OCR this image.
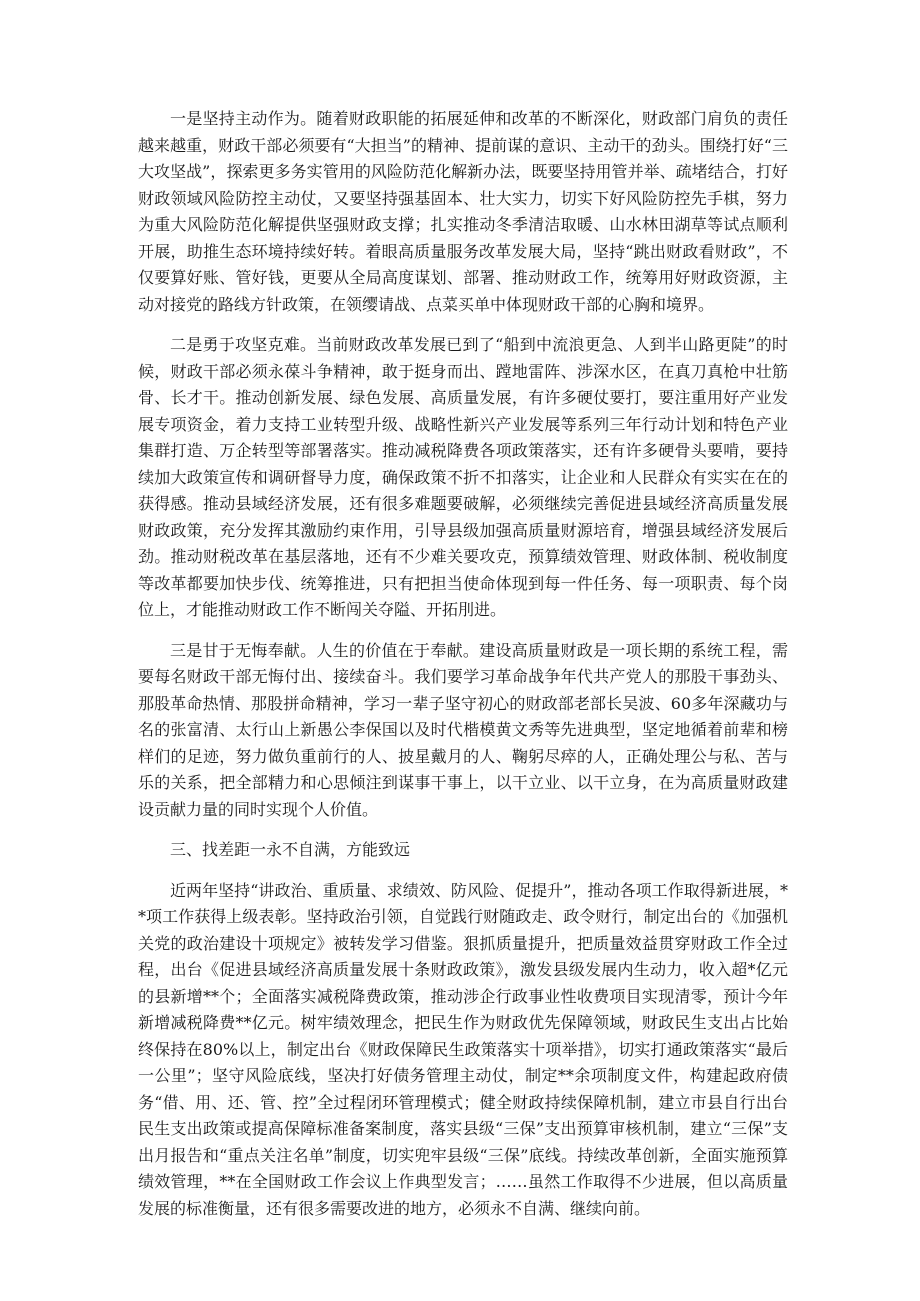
一是坚持主动作为。随着财政职能的拓展延伸和改革的不断深化，财政部门肩负的责任越来越重，财政干部必须要有“大担当”的精神、提前谋的意识、主动干的劲头。围绕打好“三大攻坚战”，探索更多务实管用的风险防范化解新办法，既要坚持用管并举、疏堵结合，打好财政领域风险防控主动仗，又要坚持强基固本、壮大实力，切实下好风险防控先手棋，努力为重大风险防范化解提供坚强财政支撑；扎实推动冬季清洁取暖、山水林田湖草等试点顺利开展，助推生态环境持续好转。着眼高质量服务改革发展大局，坚持“跳出财政看财政”，不仅要算好账、管好钱，更要从全局高度谋划、部署、推动财政工作，统筹用好财政资源，主动对接党的路线方针政策，在领缨请战、点菜买单中体现财政干部的心胸和境界。

二是勇于攻坚克难。当前财政改革发展已到了“船到中流浪更急、人到半山路更陡”的时候，财政干部必须永葆斗争精神，敢于挺身而出、蹚地雷阵、涉深水区，在真刀真枪中壮筋骨、长才干。推动创新发展、绿色发展、高质量发展，有许多硬仗要打，要注重用好产业发展专项资金，着力支持工业转型升级、战略性新兴产业发展等系列三年行动计划和特色产业集群打造、万企转型等部署落实。推动减税降费各项政策落实，还有许多硬骨头要啃，要持续加大政策宣传和调研督导力度，确保政策不折不扣落实，让企业和人民群众有实实在在的获得感。推动县域经济发展，还有很多难题要破解，必须继续完善促进县域经济高质量发展财政政策，充分发挥其激励约束作用，引导县级加强高质量财源培育，增强县域经济发展后劲。推动财税改革在基层落地，还有不少难关要攻克，预算绩效管理、财政体制、税收制度等改革都要加快步伐、统筹推进，只有把担当使命体现到每一件任务、每一项职责、每个岗位上，才能推动财政工作不断闯关夺隘、开拓刖进。

三是甘于无悔奉献。人生的价值在于奉献。建设高质量财政是一项长期的系统工程，需要每名财政干部无悔付出、接续奋斗。我们要学习革命战争年代共产党人的那股干事劲头、那股革命热情、那股拼命精神，学习一辈子坚守初心的财政部老部长吴波、60多年深藏功与名的张富清、太行山上新愚公李保国以及时代楷模黄文秀等先进典型，坚定地循着前辈和榜样们的足迹，努力做负重前行的人、披星戴月的人、鞠躬尽瘁的人，正确处理公与私、苦与乐的关系，把全部精力和心思倾注到谋事干事上，以干立业、以干立身，在为高质量财政建设贡献力量的同时实现个人价值。

三、找差距一永不自满，方能致远

近两年坚持“讲政治、重质量、求绩效、防风险、促提升”，推动各项工作取得新进展，**项工作获得上级表彰。坚持政治引领，自觉践行财随政走、政令财行，制定出台的《加强机关党的政治建设十项规定》被转发学习借鉴。狠抓质量提升，把质量效益贯穿财政工作全过程，出台《促进县域经济高质量发展十条财政政策》，激发县级发展内生动力，收入超*亿元的县新增**个；全面落实减税降费政策，推动涉企行政事业性收费项目实现清零，预计今年新增减税降费**亿元。树牢绩效理念，把民生作为财政优先保障领域，财政民生支出占比始终保持在80%以上，制定出台《财政保障民生政策落实十项举措》，切实打通政策落实“最后一公里”；坚守风险底线，坚决打好债务管理主动仗，制定**余项制度文件，构建起政府债务“借、用、还、管、控”全过程闭环管理模式；健全财政持续保障机制，建立市县自行出台民生支出政策或提高保障标准备案制度，落实县级“三保”支出预算审核机制，建立“三保”支出月报告和“重点关注名单”制度，切实兜牢县级“三保”底线。持续改革创新，全面实施预算绩效管理，**在全国财政工作会议上作典型发言；……虽然工作取得不少进展，但以高质量发展的标准衡量，还有很多需要改进的地方，必须永不自满、继续向前。
